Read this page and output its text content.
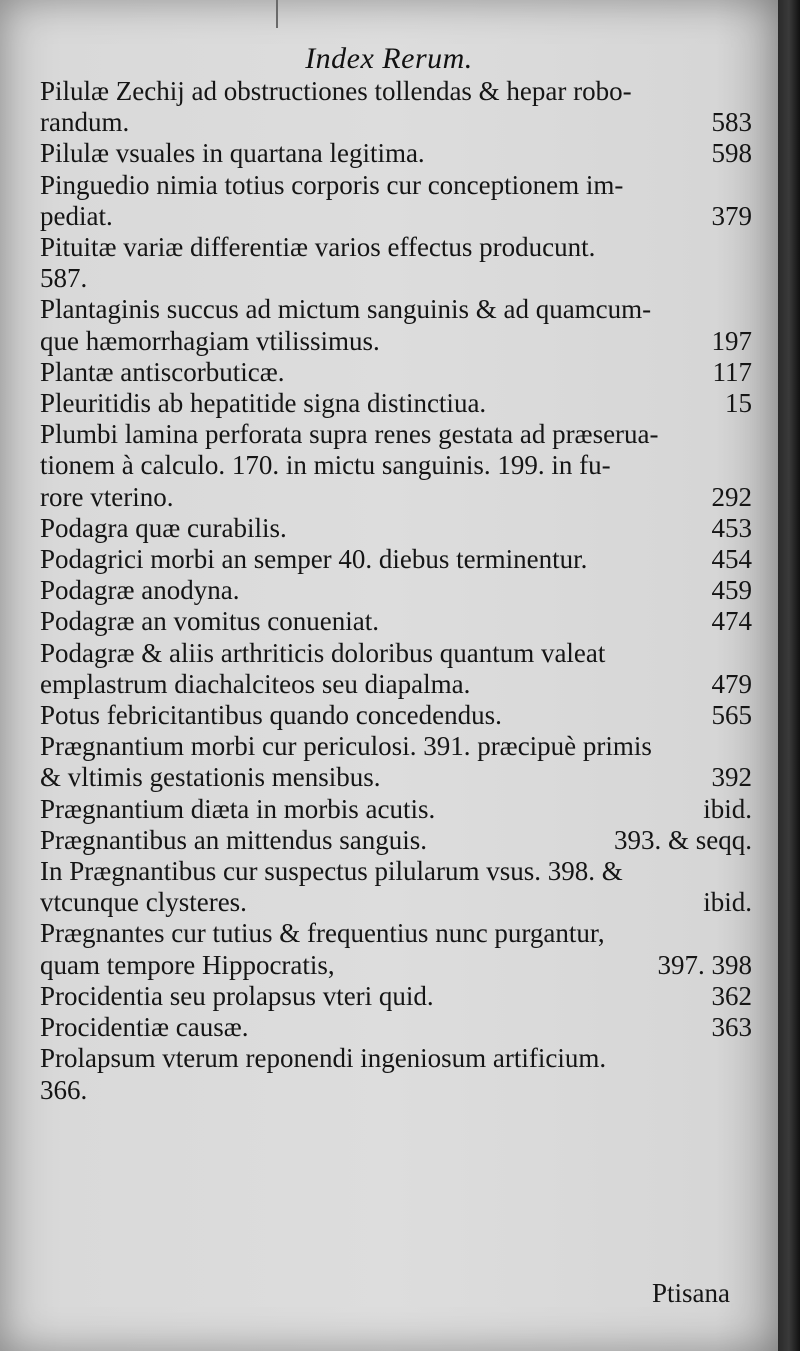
Index Rerum.
Pilulæ Zechij ad obstructiones tollendas & hepar robo-
583
randum.
598
Pilulæ vsuales in quartana legitima.
Pinguedio nimia totius corporis cur conceptionem im-
379
pediat.
Pituitæ variæ differentiæ varios effectus producunt.
587.
Plantaginis succus ad mictum sanguinis & ad quamcum-
197
que hæmorrhagiam vtilissimus.
117
Plantæ antiscorbuticæ.
15
Pleuritidis ab hepatitide signa distinctiua.
Plumbi lamina perforata supra renes gestata ad præserua-
tionem à calculo. 170. in mictu sanguinis. 199. in fu-
292
rore vterino.
453
Podagra quæ curabilis.
454
Podagrici morbi an semper 40. diebus terminentur.
459
Podagræ anodyna.
474
Podagræ an vomitus conueniat.
Podagræ & aliis arthriticis doloribus quantum valeat
479
emplastrum diachalciteos seu diapalma.
565
Potus febricitantibus quando concedendus.
Prægnantium morbi cur periculosi. 391. præcipuè primis
392
& vltimis gestationis mensibus.
ibid.
Prægnantium diæta in morbis acutis.
393. & seqq.
Prægnantibus an mittendus sanguis.
In Prægnantibus cur suspectus pilularum vsus. 398. &
ibid.
vtcunque clysteres.
Prægnantes cur tutius & frequentius nunc purgantur,
397. 398
quam tempore Hippocratis,
362
Procidentia seu prolapsus vteri quid.
363
Procidentiæ causæ.
Prolapsum vterum reponendi ingeniosum artificium.
366.
Ptisana
